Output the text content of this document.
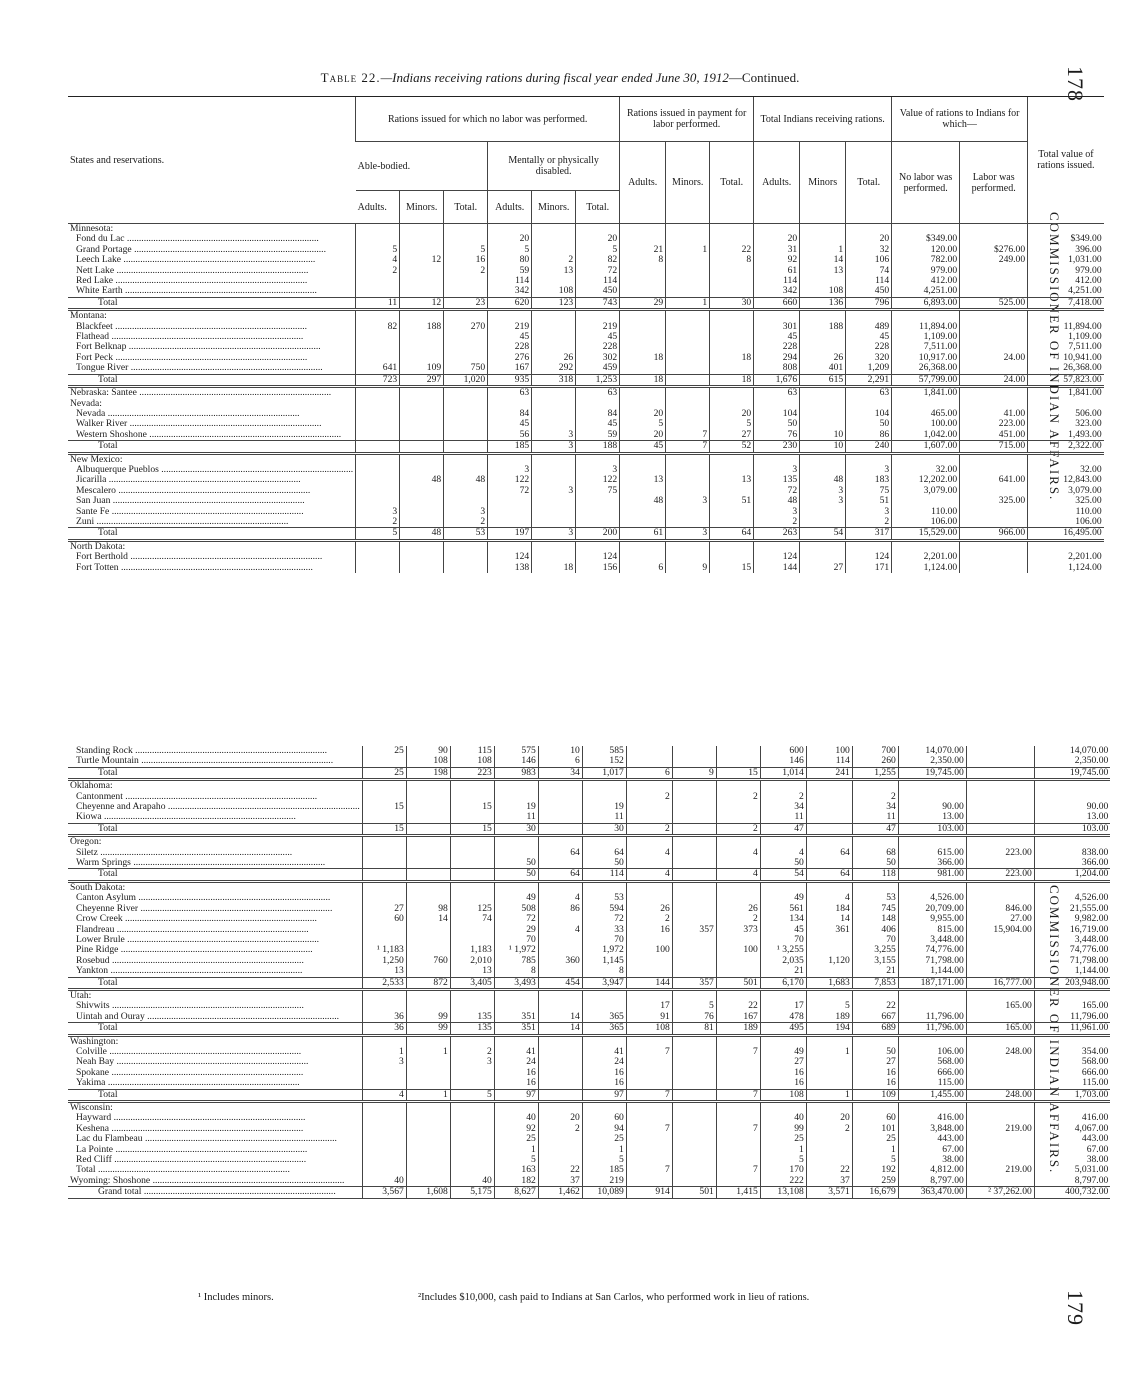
178
COMMISSIONER OF INDIAN AFFAIRS.
COMMISSIONER OF INDIAN AFFAIRS.
179
Table 22.—Indians receiving rations during fiscal year ended June 30, 1912—Continued.
States and reservations.	Rations issued for which no labor was performed.						Rations issued in payment for labor performed.			Total Indians receiving rations.			Value of rations to Indians for which—		Total value of rations issued.
	Able-bodied.			Mentally or physically disabled.			Adults.	Minors.	Total.	Adults.	Minors	Total.	No labor was performed.	Labor was performed.	
	Adults.	Minors.	Total.	Adults.	Minors.	Total.									
Minnesota:															
Fond du Lac .....				20		20				20		20	$349.00		$349.00
Grand Portage .....	5		5	5		5	21	1	22	31	1	32	120.00	$276.00	396.00
Leech Lake .....	4	12	16	80	2	82	8		8	92	14	106	782.00	249.00	1,031.00
Nett Lake .....	2		2	59	13	72				61	13	74	979.00		979.00
Red Lake .....				114		114				114		114	412.00		412.00
White Earth .....				342	108	450				342	108	450	4,251.00		4,251.00
Total	11	12	23	620	123	743	29	1	30	660	136	796	6,893.00	525.00	7,418.00
Montana:															
Blackfeet .....	82	188	270	219		219				301	188	489	11,894.00		11,894.00
Flathead .....				45		45				45		45	1,109.00		1,109.00
Fort Belknap .....				228		228				228		228	7,511.00		7,511.00
Fort Peck .....				276	26	302	18		18	294	26	320	10,917.00	24.00	10,941.00
Tongue River .....	641	109	750	167	292	459				808	401	1,209	26,368.00		26,368.00
Total	723	297	1,020	935	318	1,253	18		18	1,676	615	2,291	57,799.00	24.00	57,823.00
Nebraska: Santee .....				63		63				63		63	1,841.00		1,841.00
Nevada:															
Nevada .....				84		84	20		20	104		104	465.00	41.00	506.00
Walker River .....				45		45	5		5	50		50	100.00	223.00	323.00
Western Shoshone .....				56	3	59	20	7	27	76	10	86	1,042.00	451.00	1,493.00
Total				185	3	188	45	7	52	230	10	240	1,607.00	715.00	2,322.00
New Mexico:															
Albuquerque Pueblos .....				3		3				3		3	32.00		32.00
Jicarilla .....		48	48	122		122	13		13	135	48	183	12,202.00	641.00	12,843.00
Mescalero .....				72	3	75				72	3	75	3,079.00		3,079.00
San Juan .....							48	3	51	48	3	51		325.00	325.00
Sante Fe .....	3		3							3		3	110.00		110.00
Zuni .....	2		2							2		2	106.00		106.00
Total	5	48	53	197	3	200	61	3	64	263	54	317	15,529.00	966.00	16,495.00
North Dakota:															
Fort Berthold .....				124		124				124		124	2,201.00		2,201.00
Fort Totten .....				138	18	156	6	9	15	144	27	171	1,124.00		1,124.00
Standing Rock .....	25	90	115	575	10	585				600	100	700	14,070.00		14,070.00
Turtle Mountain .....		108	108	146	6	152				146	114	260	2,350.00		2,350.00
Total	25	198	223	983	34	1,017	6	9	15	1,014	241	1,255	19,745.00		19,745.00
Oklahoma:															
Cantonment .....							2		2	2		2			
Cheyenne and Arapaho .....	15		15	19		19				34		34	90.00		90.00
Kiowa .....				11		11				11		11	13.00		13.00
Total	15		15	30		30	2		2	47		47	103.00		103.00
Oregon:															
Siletz .....					64	64	4		4	4	64	68	615.00	223.00	838.00
Warm Springs .....				50		50				50		50	366.00		366.00
Total				50	64	114	4		4	54	64	118	981.00	223.00	1,204.00
South Dakota:															
Canton Asylum .....				49	4	53				49	4	53	4,526.00		4,526.00
Cheyenne River .....	27	98	125	508	86	594	26		26	561	184	745	20,709.00	846.00	21,555.00
Crow Creek .....	60	14	74	72		72	2		2	134	14	148	9,955.00	27.00	9,982.00
Flandreau .....				29	4	33	16	357	373	45	361	406	815.00	15,904.00	16,719.00
Lower Brule .....				70		70				70		70	3,448.00		3,448.00
Pine Ridge .....	¹ 1,183		1,183	¹ 1,972		1,972	100		100	¹ 3,255		3,255	74,776.00		74,776.00
Rosebud .....	1,250	760	2,010	785	360	1,145				2,035	1,120	3,155	71,798.00		71,798.00
Yankton .....	13		13	8		8				21		21	1,144.00		1,144.00
Total	2,533	872	3,405	3,493	454	3,947	144	357	501	6,170	1,683	7,853	187,171.00	16,777.00	203,948.00
Utah:															
Shivwits .....							17	5	22	17	5	22		165.00	165.00
Uintah and Ouray .....	36	99	135	351	14	365	91	76	167	478	189	667	11,796.00		11,796.00
Total	36	99	135	351	14	365	108	81	189	495	194	689	11,796.00	165.00	11,961.00
Washington:															
Colville .....	1	1	2	41		41	7		7	49	1	50	106.00	248.00	354.00
Neah Bay .....	3		3	24		24				27		27	568.00		568.00
Spokane .....				16		16				16		16	666.00		666.00
Yakima .....				16		16				16		16	115.00		115.00
Total	4	1	5	97		97	7		7	108	1	109	1,455.00	248.00	1,703.00
Wisconsin:															
Hayward .....				40	20	60				40	20	60	416.00		416.00
Keshena .....				92	2	94	7		7	99	2	101	3,848.00	219.00	4,067.00
Lac du Flambeau .....				25		25				25		25	443.00		443.00
La Pointe .....				1		1				1		1	67.00		67.00
Red Cliff .....				5		5				5		5	38.00		38.00
Total .....				163	22	185	7		7	170	22	192	4,812.00	219.00	5,031.00
Wyoming: Shoshone .....	40		40	182	37	219				222	37	259	8,797.00		8,797.00
Grand total .....	3,567	1,608	5,175	8,627	1,462	10,089	914	501	1,415	13,108	3,571	16,679	363,470.00	² 37,262.00	400,732.00
¹ Includes minors.	²Includes $10,000, cash paid to Indians at San Carlos, who performed work in lieu of rations.
